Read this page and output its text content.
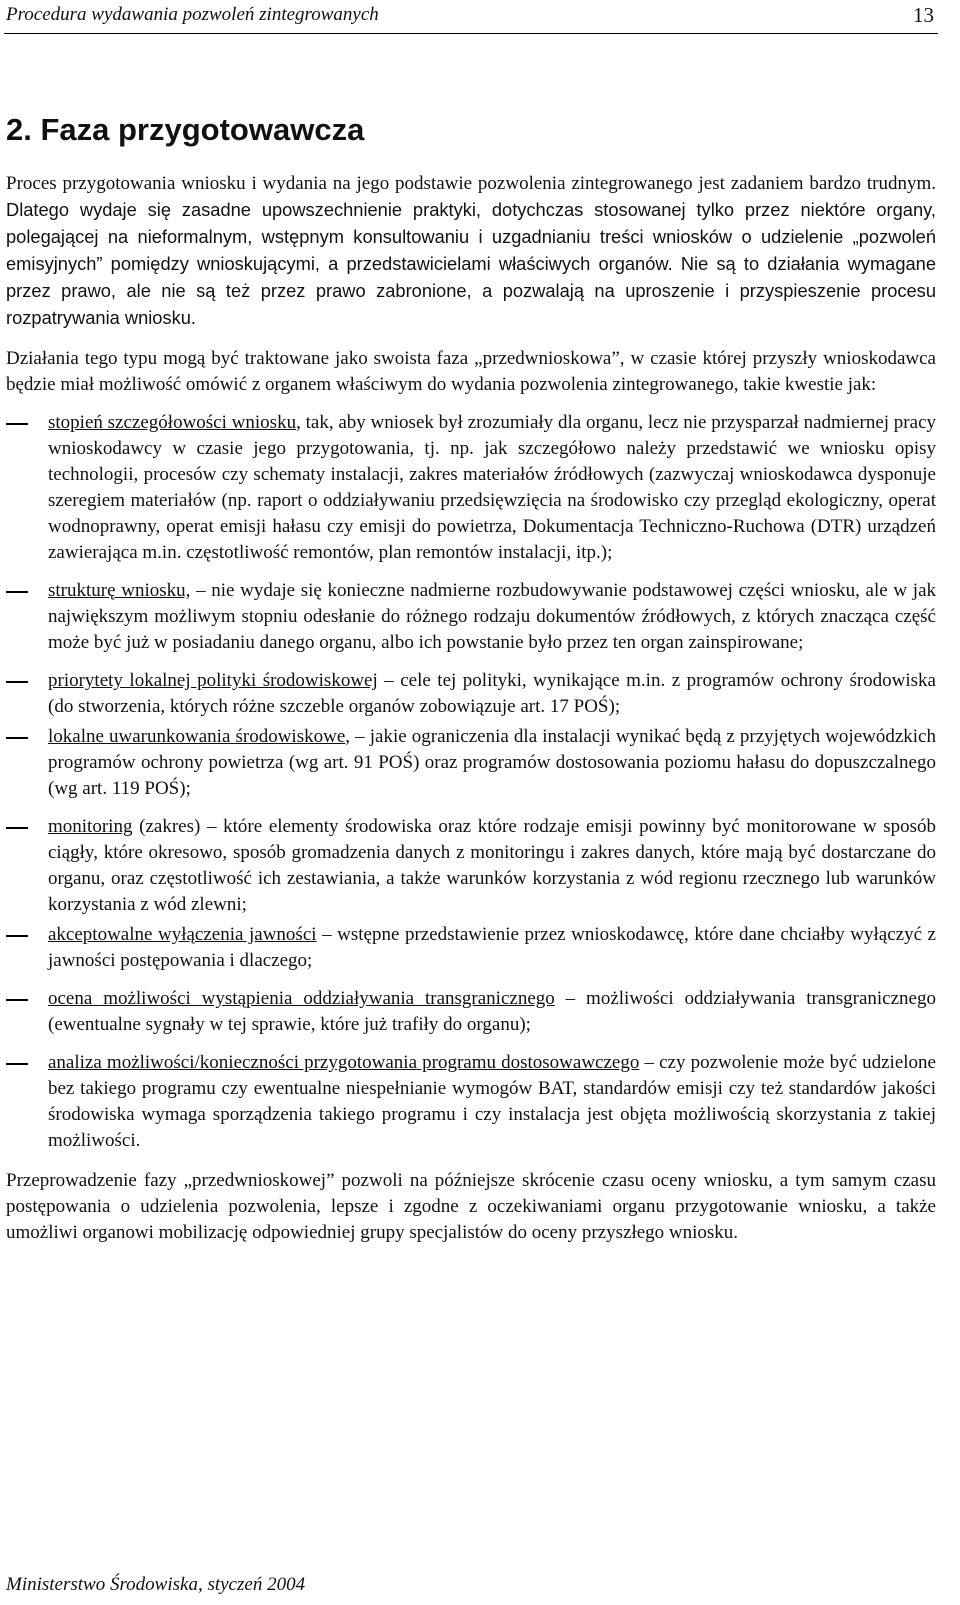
Procedura wydawania pozwoleń zintegrowanych	13
2. Faza przygotowawcza

Proces przygotowania wniosku i wydania na jego podstawie pozwolenia zintegrowanego jest zadaniem bardzo trudnym. Dlatego wydaje się zasadne upowszechnienie praktyki, dotychczas stosowanej tylko przez niektóre organy, polegającej na nieformalnym, wstępnym konsultowaniu i uzgadnianiu treści wniosków o udzielenie „pozwoleń emisyjnych” pomiędzy wnioskującymi, a przedstawicielami właściwych organów. Nie są to działania wymagane przez prawo, ale nie są też przez prawo zabronione, a pozwalają na uproszenie i przyspieszenie procesu rozpatrywania wniosku.

Działania tego typu mogą być traktowane jako swoista faza „przedwnioskowa”, w czasie której przyszły wnioskodawca będzie miał możliwość omówić z organem właściwym do wydania pozwolenia zintegrowanego, takie kwestie jak:

stopień szczegółowości wniosku, tak, aby wniosek był zrozumiały dla organu, lecz nie przysparzał nadmiernej pracy wnioskodawcy w czasie jego przygotowania, tj. np. jak szczegółowo należy przedstawić we wniosku opisy technologii, procesów czy schematy instalacji, zakres materiałów źródłowych (zazwyczaj wnioskodawca dysponuje szeregiem materiałów (np. raport o oddziaływaniu przedsięwzięcia na środowisko czy przegląd ekologiczny, operat wodnoprawny, operat emisji hałasu czy emisji do powietrza, Dokumentacja Techniczno-Ruchowa (DTR) urządzeń zawierająca m.in. częstotliwość remontów, plan remontów instalacji, itp.);
strukturę wniosku, – nie wydaje się konieczne nadmierne rozbudowywanie podstawowej części wniosku, ale w jak największym możliwym stopniu odesłanie do różnego rodzaju dokumentów źródłowych, z których znacząca część może być już w posiadaniu danego organu, albo ich powstanie było przez ten organ zainspirowane;
priorytety lokalnej polityki środowiskowej – cele tej polityki, wynikające m.in. z programów ochrony środowiska (do stworzenia, których różne szczeble organów zobowiązuje art. 17 POŚ);
lokalne uwarunkowania środowiskowe, – jakie ograniczenia dla instalacji wynikać będą z przyjętych wojewódzkich programów ochrony powietrza (wg art. 91 POŚ) oraz programów dostosowania poziomu hałasu do dopuszczalnego (wg art. 119 POŚ);
monitoring (zakres) – które elementy środowiska oraz które rodzaje emisji powinny być monitorowane w sposób ciągły, które okresowo, sposób gromadzenia danych z monitoringu i zakres danych, które mają być dostarczane do organu, oraz częstotliwość ich zestawiania, a także warunków korzystania z wód regionu rzecznego lub warunków korzystania z wód zlewni;
akceptowalne wyłączenia jawności – wstępne przedstawienie przez wnioskodawcę, które dane chciałby wyłączyć z jawności postępowania i dlaczego;
ocena możliwości wystąpienia oddziaływania transgranicznego – możliwości oddziaływania transgranicznego (ewentualne sygnały w tej sprawie, które już trafiły do organu);
analiza możliwości/konieczności przygotowania programu dostosowawczego – czy pozwolenie może być udzielone bez takiego programu czy ewentualne niespełnianie wymogów BAT, standardów emisji czy też standardów jakości środowiska wymaga sporządzenia takiego programu i czy instalacja jest objęta możliwością skorzystania z takiej możliwości.

Przeprowadzenie fazy „przedwnioskowej” pozwoli na późniejsze skrócenie czasu oceny wniosku, a tym samym czasu postępowania o udzielenia pozwolenia, lepsze i zgodne z oczekiwaniami organu przygotowanie wniosku, a także umożliwi organowi mobilizację odpowiedniej grupy specjalistów do oceny przyszłego wniosku.

Ministerstwo Środowiska, styczeń 2004
